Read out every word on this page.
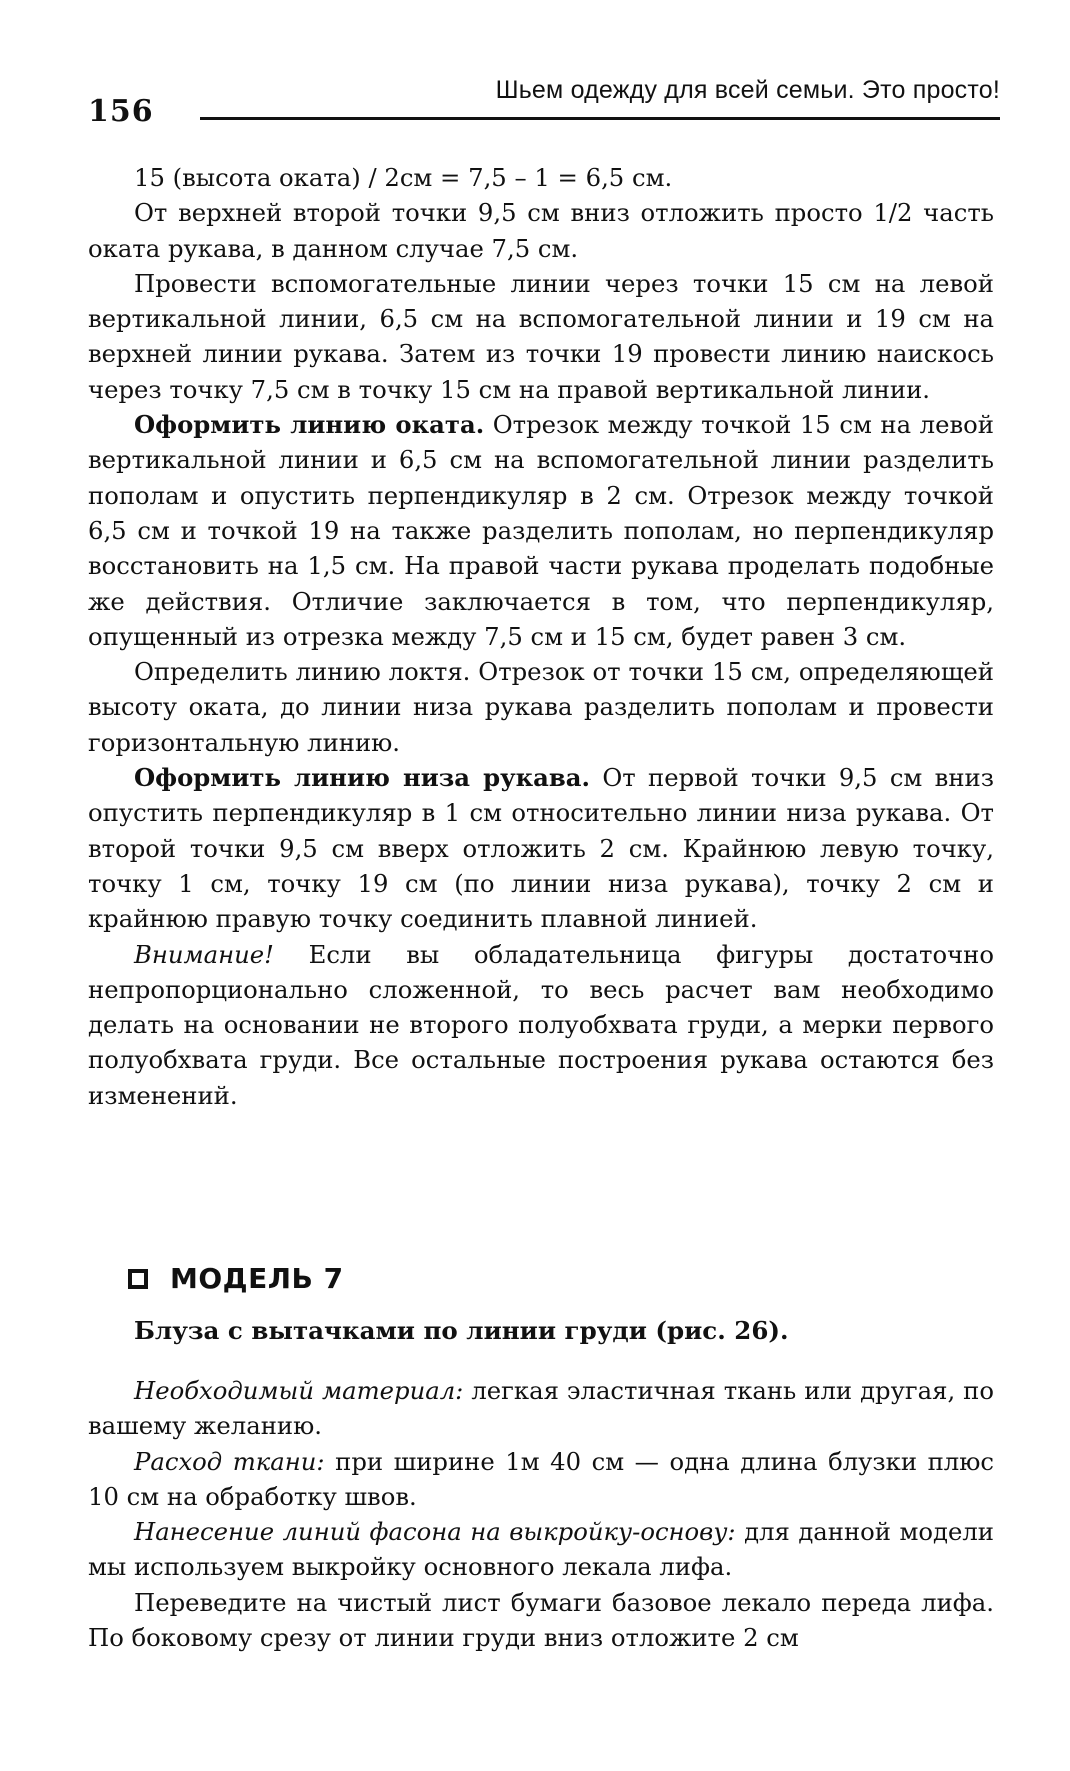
156
Шьем одежду для всей семьи. Это просто!

15 (высота оката) / 2см = 7,5 – 1 = 6,5 см.

От верхней второй точки 9,5 см вниз отложить просто 1/2 часть оката рукава, в данном случае 7,5 см.

Провести вспомогательные линии через точки 15 см на левой вертикальной линии, 6,5 см на вспомогательной линии и 19 см на верхней линии рукава. Затем из точки 19 провести линию наискось через точку 7,5 см в точку 15 см на правой вертикальной линии.

Оформить линию оката. Отрезок между точкой 15 см на левой вертикальной линии и 6,5 см на вспомогательной линии разделить пополам и опустить перпендикуляр в 2 см. Отрезок между точкой 6,5 см и точкой 19 на также разделить пополам, но перпендикуляр восстановить на 1,5 см. На правой части рукава проделать подобные же действия. Отличие заключается в том, что перпендикуляр, опущенный из отрезка между 7,5 см и 15 см, будет равен 3 см.

Определить линию локтя. Отрезок от точки 15 см, определяющей высоту оката, до линии низа рукава разделить пополам и провести горизонтальную линию.

Оформить линию низа рукава. От первой точки 9,5 см вниз опустить перпендикуляр в 1 см относительно линии низа рукава. От второй точки 9,5 см вверх отложить 2 см. Крайнюю левую точку, точку 1 см, точку 19 см (по линии низа рукава), точку 2 см и крайнюю правую точку соединить плавной линией.

Внимание! Если вы обладательница фигуры достаточно непропорционально сложенной, то весь расчет вам необходимо делать на основании не второго полуобхвата груди, а мерки первого полуобхвата груди. Все остальные построения рукава остаются без изменений.

МОДЕЛЬ 7
Блуза с вытачками по линии груди (рис. 26).

Необходимый материал: легкая эластичная ткань или другая, по вашему желанию.

Расход ткани: при ширине 1м 40 см — одна длина блузки плюс 10 см на обработку швов.

Нанесение линий фасона на выкройку-основу: для данной модели мы используем выкройку основного лекала лифа.

Переведите на чистый лист бумаги базовое лекало переда лифа. По боковому срезу от линии груди вниз отложите 2 см
